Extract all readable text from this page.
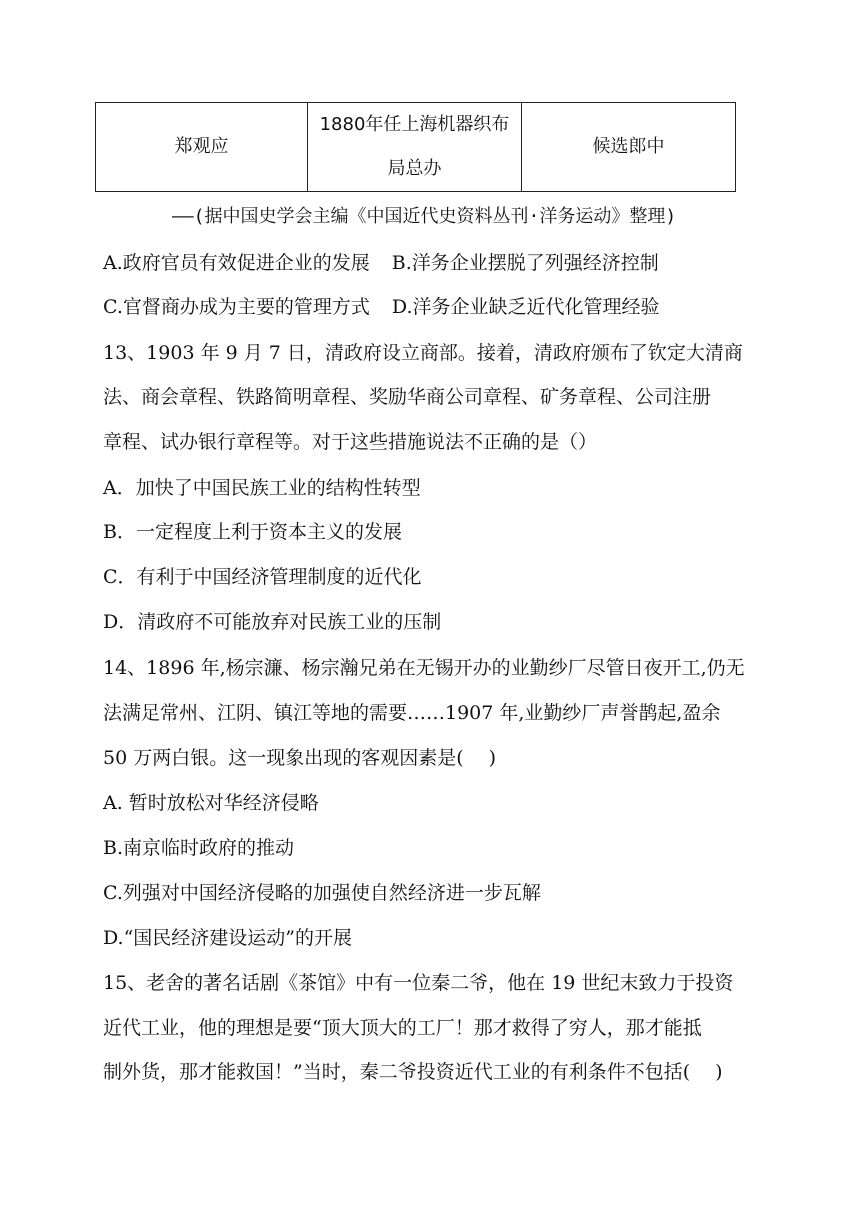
郑观应	1880年任上海机器织布局总办	候选郎中
——(据中国史学会主编《中国近代史资料丛刊·洋务运动》整理)
A.政府官员有效促进企业的发展 B.洋务企业摆脱了列强经济控制
C.官督商办成为主要的管理方式 D.洋务企业缺乏近代化管理经验
13、1903 年 9 月 7 日，清政府设立商部。接着，清政府颁布了钦定大清商
法、商会章程、铁路简明章程、奖励华商公司章程、矿务章程、公司注册
章程、试办银行章程等。对于这些措施说法不正确的是（）
A．加快了中国民族工业的结构性转型
B．一定程度上利于资本主义的发展
C．有利于中国经济管理制度的近代化
D．清政府不可能放弃对民族工业的压制
14、1896 年,杨宗濂、杨宗瀚兄弟在无锡开办的业勤纱厂尽管日夜开工,仍无
法满足常州、江阴、镇江等地的需要……1907 年,业勤纱厂声誉鹊起,盈余
50 万两白银。这一现象出现的客观因素是(　 )
A. 暂时放松对华经济侵略
B.南京临时政府的推动
C.列强对中国经济侵略的加强使自然经济进一步瓦解
D.“国民经济建设运动”的开展
15、老舍的著名话剧《茶馆》中有一位秦二爷，他在 19 世纪末致力于投资
近代工业，他的理想是要“顶大顶大的工厂！那才救得了穷人，那才能抵
制外货，那才能救国！”当时，秦二爷投资近代工业的有利条件不包括(　 )
